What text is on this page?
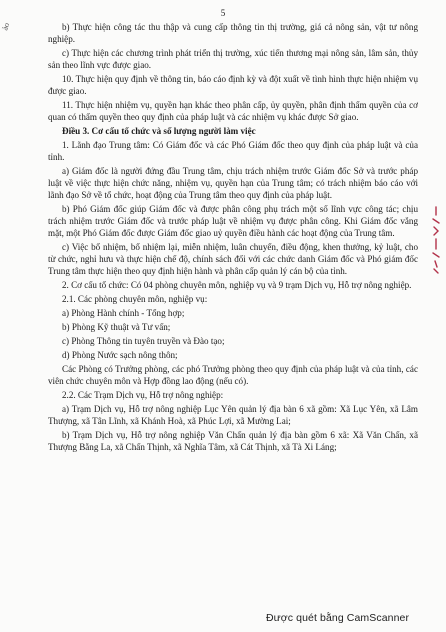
5
ào	b) Thực hiện công tác thu thập và cung cấp thông tin thị trường, giá cả nông sản, vật tư nông nghiệp.

c) Thực hiện các chương trình phát triển thị trường, xúc tiến thương mại nông sản, lâm sản, thủy sản theo lĩnh vực được giao.

10. Thực hiện quy định về thông tin, báo cáo định kỳ và đột xuất về tình hình thực hiện nhiệm vụ được giao.

11. Thực hiện nhiệm vụ, quyền hạn khác theo phân cấp, ủy quyền, phân định thẩm quyền của cơ quan có thẩm quyền theo quy định của pháp luật và các nhiệm vụ khác được Sở giao.

Điều 3. Cơ cấu tổ chức và số lượng người làm việc

1. Lãnh đạo Trung tâm: Có Giám đốc và các Phó Giám đốc theo quy định của pháp luật và của tỉnh.

a) Giám đốc là người đứng đầu Trung tâm, chịu trách nhiệm trước Giám đốc Sở và trước pháp luật về việc thực hiện chức năng, nhiệm vụ, quyền hạn của Trung tâm; có trách nhiệm báo cáo với lãnh đạo Sở về tổ chức, hoạt động của Trung tâm theo quy định của pháp luật.

b) Phó Giám đốc giúp Giám đốc và được phân công phụ trách một số lĩnh vực công tác; chịu trách nhiệm trước Giám đốc và trước pháp luật về nhiệm vụ được phân công. Khi Giám đốc vắng mặt, một Phó Giám đốc được Giám đốc giao uỷ quyền điều hành các hoạt động của Trung tâm.

c) Việc bổ nhiệm, bổ nhiệm lại, miễn nhiệm, luân chuyển, điều động, khen thưởng, kỷ luật, cho từ chức, nghỉ hưu và thực hiện chế độ, chính sách đối với các chức danh Giám đốc và Phó giám đốc Trung tâm thực hiện theo quy định hiện hành và phân cấp quản lý cán bộ của tỉnh.

2. Cơ cấu tổ chức: Có 04 phòng chuyên môn, nghiệp vụ và 9 trạm Dịch vụ, Hỗ trợ nông nghiệp.

2.1. Các phòng chuyên môn, nghiệp vụ:

a) Phòng Hành chính - Tổng hợp;

b) Phòng Kỹ thuật và Tư vấn;

c) Phòng Thông tin tuyên truyền và Đào tạo;

d) Phòng Nước sạch nông thôn;

Các Phòng có Trưởng phòng, các phó Trưởng phòng theo quy định của pháp luật và của tỉnh, các viên chức chuyên môn và Hợp đồng lao động (nếu có).

2.2. Các Trạm Dịch vụ, Hỗ trợ nông nghiệp:

a) Trạm Dịch vụ, Hỗ trợ nông nghiệp Lục Yên quản lý địa bàn 6 xã gồm: Xã Lục Yên, xã Lâm Thượng, xã Tân Lĩnh, xã Khánh Hoà, xã Phúc Lợi, xã Mường Lai;

b) Trạm Dịch vụ, Hỗ trợ nông nghiệp Văn Chấn quản lý địa bàn gồm 6 xã: Xã Văn Chấn, xã Thượng Bằng La, xã Chấn Thịnh, xã Nghĩa Tâm, xã Cát Thịnh, xã Tà Xi Láng;

Được quét bằng CamScanner
